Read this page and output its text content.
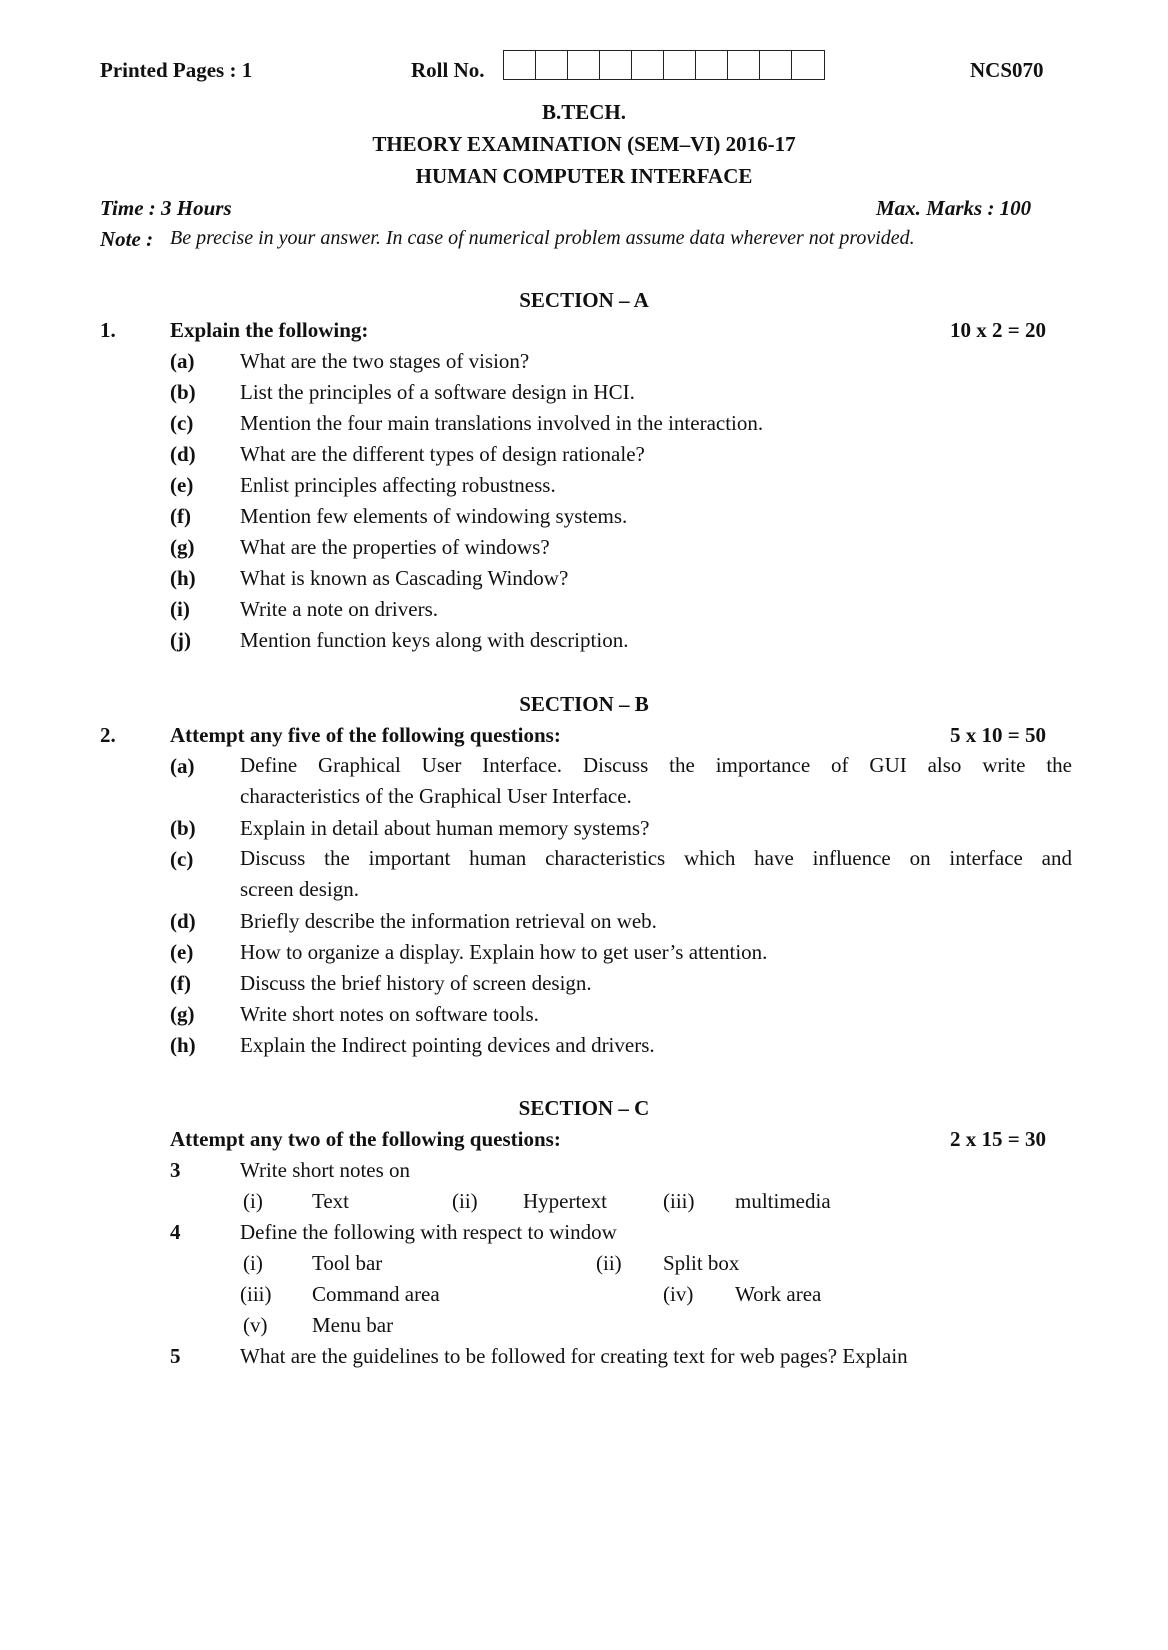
Printed Pages : 1	Roll No.	NCS070
B.TECH.
THEORY EXAMINATION (SEM–VI) 2016-17
HUMAN COMPUTER INTERFACE
Time : 3 Hours	Max. Marks : 100
Note : Be precise in your answer. In case of numerical problem assume data wherever not provided.
SECTION – A
1.	Explain the following:	10 x 2 = 20
(a) What are the two stages of vision?
(b) List the principles of a software design in HCI.
(c) Mention the four main translations involved in the interaction.
(d) What are the different types of design rationale?
(e) Enlist principles affecting robustness.
(f) Mention few elements of windowing systems.
(g) What are the properties of windows?
(h) What is known as Cascading Window?
(i) Write a note on drivers.
(j) Mention function keys along with description.
SECTION – B
2.	Attempt any five of the following questions:	5 x 10 = 50
(a) Define Graphical User Interface. Discuss the importance of GUI also write the
characteristics of the Graphical User Interface.
(b) Explain in detail about human memory systems?
(c) Discuss the important human characteristics which have influence on interface and
screen design.
(d) Briefly describe the information retrieval on web.
(e) How to organize a display. Explain how to get user’s attention.
(f) Discuss the brief history of screen design.
(g) Write short notes on software tools.
(h) Explain the Indirect pointing devices and drivers.
SECTION – C
Attempt any two of the following questions:	2 x 15 = 30
3	Write short notes on
(i) Text	(ii) Hypertext	(iii) multimedia
4	Define the following with respect to window
(i) Tool bar	(ii) Split box
(iii) Command area	(iv) Work area
(v) Menu bar
5	What are the guidelines to be followed for creating text for web pages? Explain
